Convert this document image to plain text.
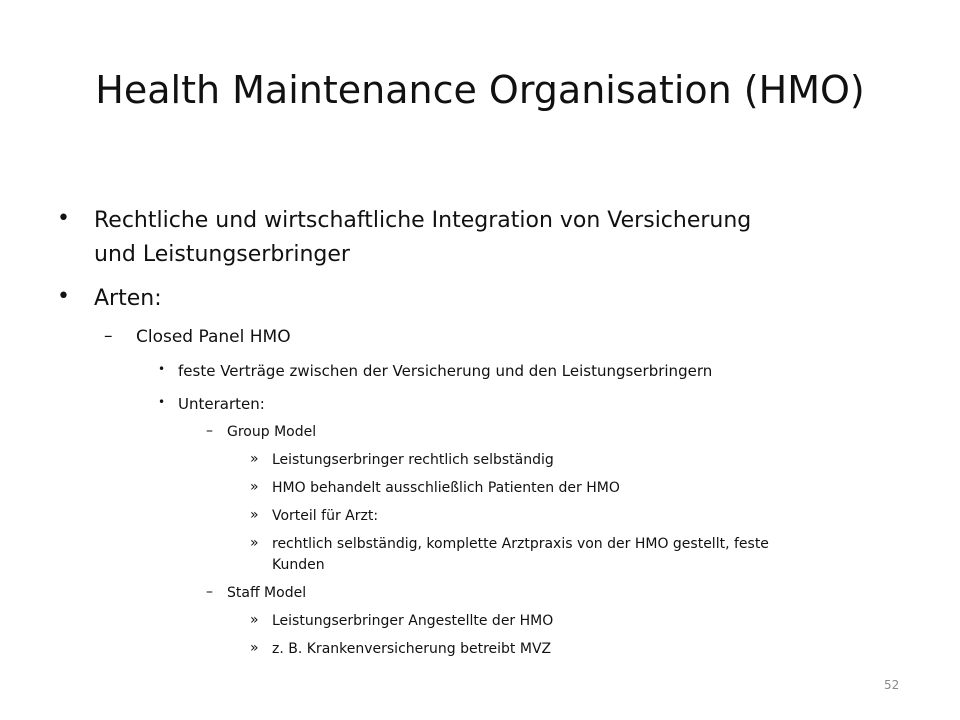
Health Maintenance Organisation (HMO)
• Rechtliche und wirtschaftliche Integration von Versicherung
und Leistungserbringer
• Arten:
– Closed Panel HMO
• feste Verträge zwischen der Versicherung und den Leistungserbringern
• Unterarten:
– Group Model
» Leistungserbringer rechtlich selbständig
» HMO behandelt ausschließlich Patienten der HMO
» Vorteil für Arzt:
» rechtlich selbständig, komplette Arztpraxis von der HMO gestellt, feste
Kunden
– Staff Model
» Leistungserbringer Angestellte der HMO
» z. B. Krankenversicherung betreibt MVZ
52
